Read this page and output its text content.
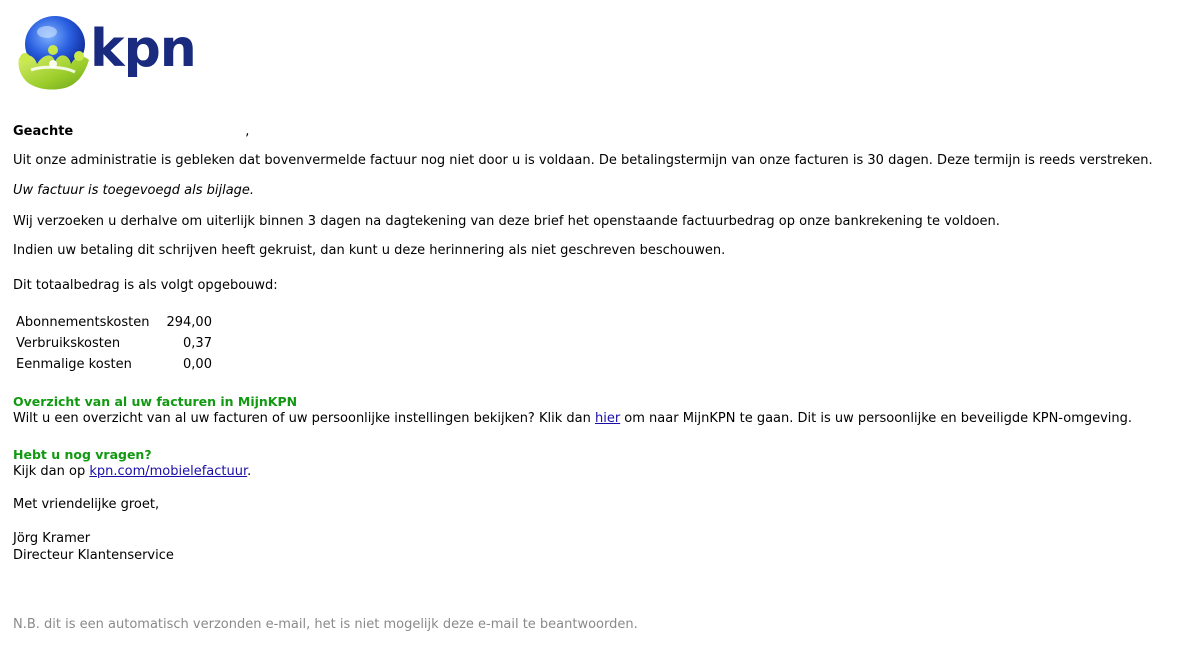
kpn
Geachte	,
Uit onze administratie is gebleken dat bovenvermelde factuur nog niet door u is voldaan. De betalingstermijn van onze facturen is 30 dagen. Deze termijn is reeds verstreken.
Uw factuur is toegevoegd als bijlage.
Wij verzoeken u derhalve om uiterlijk binnen 3 dagen na dagtekening van deze brief het openstaande factuurbedrag op onze bankrekening te voldoen.
Indien uw betaling dit schrijven heeft gekruist, dan kunt u deze herinnering als niet geschreven beschouwen.
Dit totaalbedrag is als volgt opgebouwd:
Abonnementskosten	294,00
Verbruikskosten	0,37
Eenmalige kosten	0,00
Overzicht van al uw facturen in MijnKPN
Wilt u een overzicht van al uw facturen of uw persoonlijke instellingen bekijken? Klik dan hier om naar MijnKPN te gaan. Dit is uw persoonlijke en beveiligde KPN-omgeving.
Hebt u nog vragen?
Kijk dan op kpn.com/mobielefactuur.
Met vriendelijke groet,
Jörg Kramer
Directeur Klantenservice
N.B. dit is een automatisch verzonden e-mail, het is niet mogelijk deze e-mail te beantwoorden.
